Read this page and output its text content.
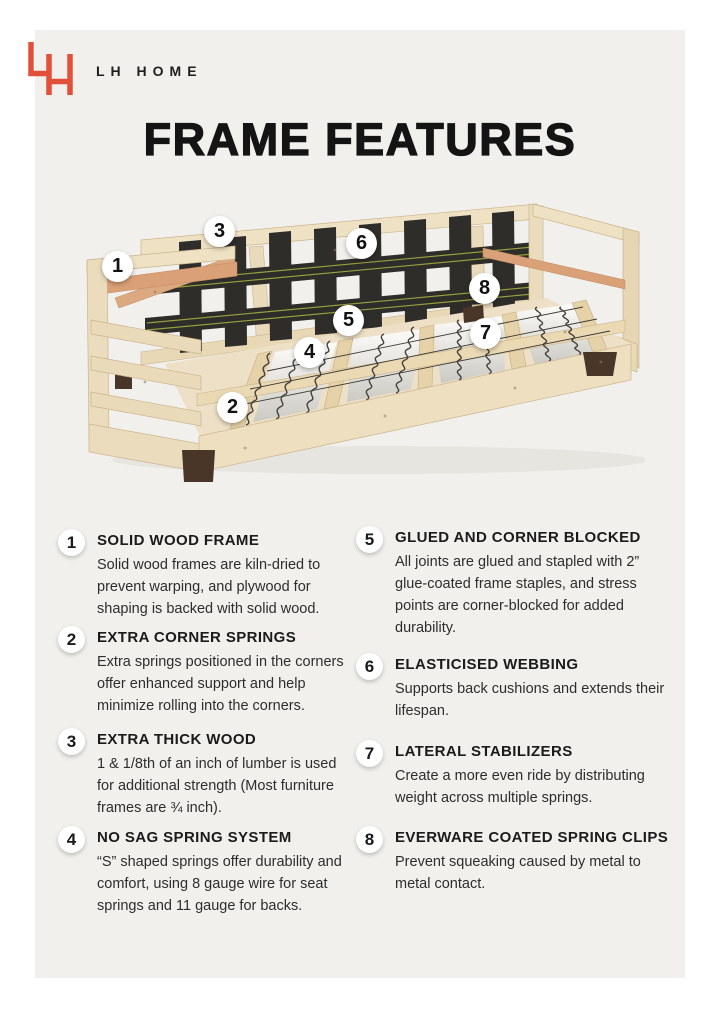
LH HOME
FRAME FEATURES
1
2
3
4
5
6
7
8
1 SOLID WOOD FRAME

Solid wood frames are kiln-dried to prevent warping, and plywood for shaping is backed with solid wood.

2 EXTRA CORNER SPRINGS

Extra springs positioned in the corners offer enhanced support and help minimize rolling into the corners.

3 EXTRA THICK WOOD

1 & 1/8th of an inch of lumber is used for additional strength (Most furniture frames are ¾ inch).

4 NO SAG SPRING SYSTEM

“S” shaped springs offer durability and comfort, using 8 gauge wire for seat springs and 11 gauge for backs.

5 GLUED AND CORNER BLOCKED

All joints are glued and stapled with 2” glue-coated frame staples, and stress points are corner-blocked for added durability.

6 ELASTICISED WEBBING

Supports back cushions and extends their lifespan.

7 LATERAL STABILIZERS

Create a more even ride by distributing weight across multiple springs.

8 EVERWARE COATED SPRING CLIPS

Prevent squeaking caused by metal to metal contact.
